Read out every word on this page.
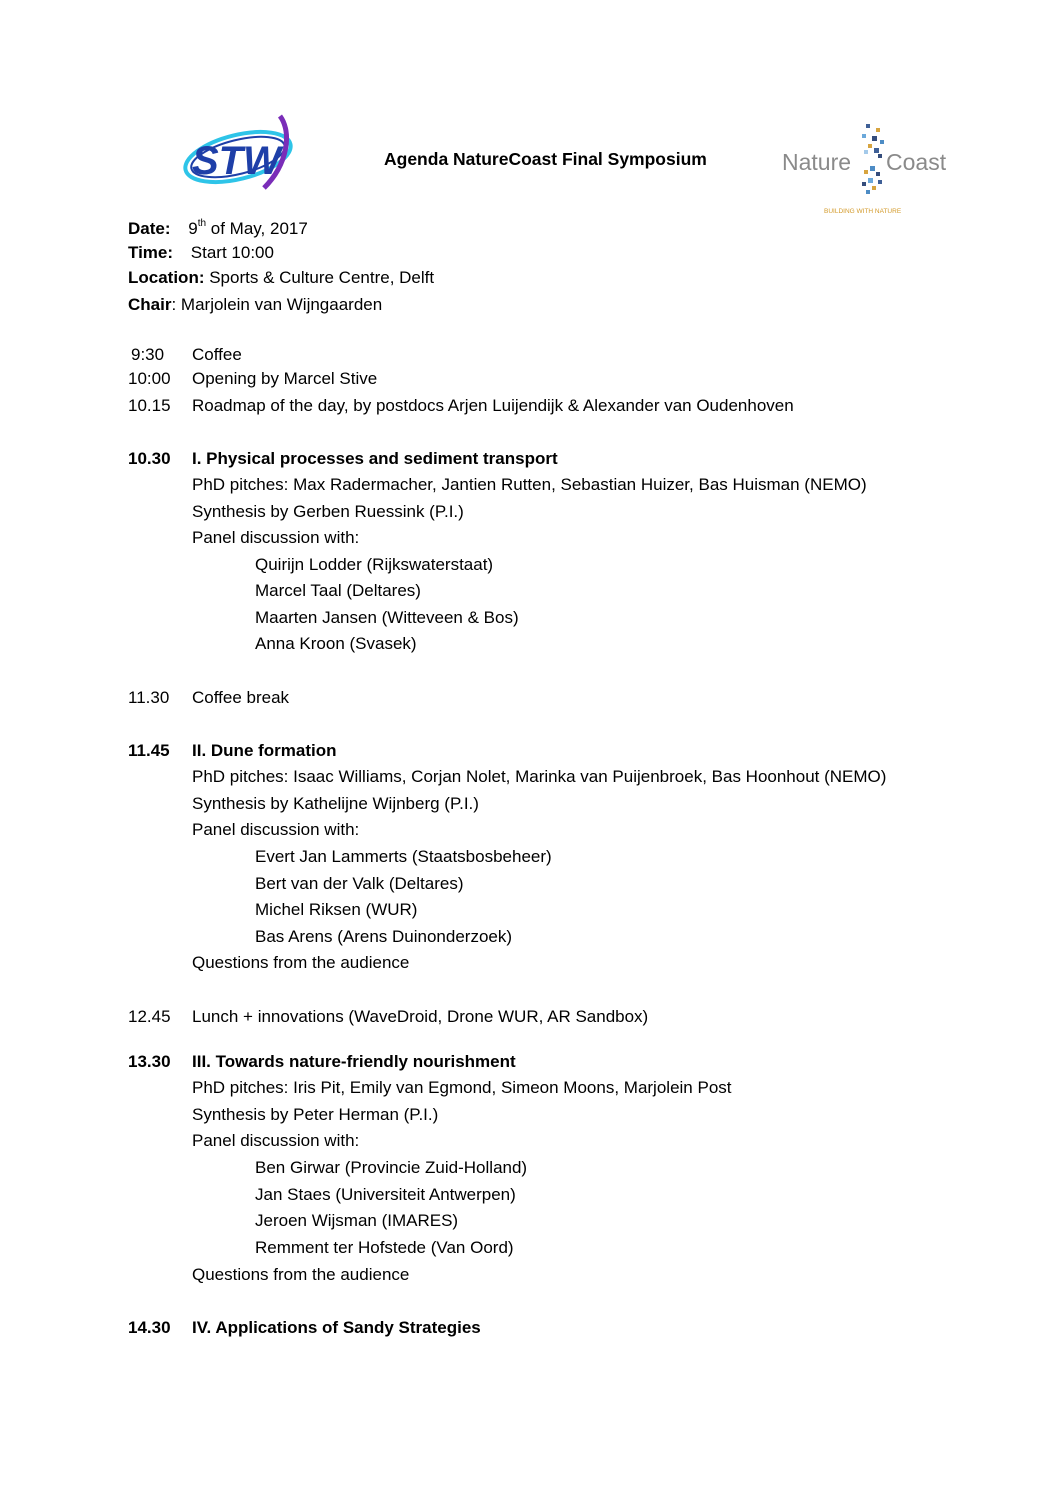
STW	Agenda NatureCoast Final Symposium	Nature Coast
BUILDING WITH NATURE
Date: 9th of May, 2017
Time: Start 10:00
Location: Sports & Culture Centre, Delft
Chair: Marjolein van Wijngaarden
9:30 Coffee
10:00 Opening by Marcel Stive
10.15 Roadmap of the day, by postdocs Arjen Luijendijk & Alexander van Oudenhoven
10.30 I. Physical processes and sediment transport
PhD pitches: Max Radermacher, Jantien Rutten, Sebastian Huizer, Bas Huisman (NEMO)
Synthesis by Gerben Ruessink (P.I.)
Panel discussion with:
Quirijn Lodder (Rijkswaterstaat)
Marcel Taal (Deltares)
Maarten Jansen (Witteveen & Bos)
Anna Kroon (Svasek)
11.30 Coffee break
11.45 II. Dune formation
PhD pitches: Isaac Williams, Corjan Nolet, Marinka van Puijenbroek, Bas Hoonhout (NEMO)
Synthesis by Kathelijne Wijnberg (P.I.)
Panel discussion with:
Evert Jan Lammerts (Staatsbosbeheer)
Bert van der Valk (Deltares)
Michel Riksen (WUR)
Bas Arens (Arens Duinonderzoek)
Questions from the audience
12.45 Lunch + innovations (WaveDroid, Drone WUR, AR Sandbox)
13.30 III. Towards nature-friendly nourishment
PhD pitches: Iris Pit, Emily van Egmond, Simeon Moons, Marjolein Post
Synthesis by Peter Herman (P.I.)
Panel discussion with:
Ben Girwar (Provincie Zuid-Holland)
Jan Staes (Universiteit Antwerpen)
Jeroen Wijsman (IMARES)
Remment ter Hofstede (Van Oord)
Questions from the audience
14.30 IV. Applications of Sandy Strategies
